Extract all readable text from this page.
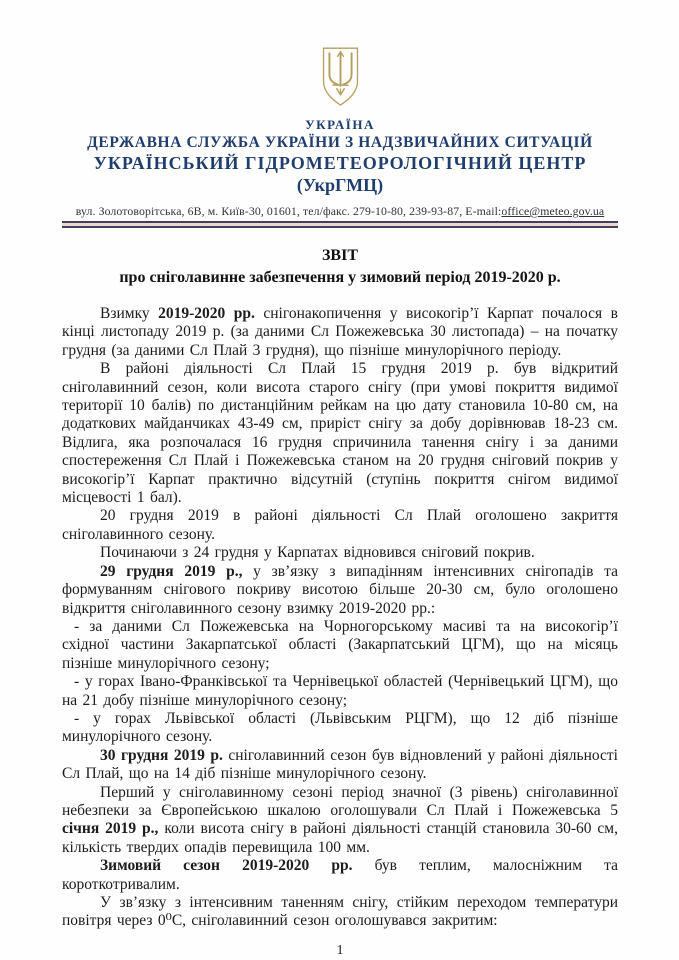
УКРАЇНА
ДЕРЖАВНА СЛУЖБА УКРАЇНИ З НАДЗВИЧАЙНИХ СИТУАЦІЙ
УКРАЇНСЬКИЙ ГІДРОМЕТЕОРОЛОГІЧНИЙ ЦЕНТР
(УкрГМЦ)
вул. Золотоворітська, 6В, м. Київ-30, 01601, тел/факс. 279-10-80, 239-93-87, E-mail:office@meteo.gov.ua
ЗВІТ
про сніголавинне забезпечення у зимовий період 2019-2020 р.

Взимку 2019-2020 рр. снігонакопичення у високогір’ї Карпат почалося в кінці листопаду 2019 р. (за даними Сл Пожежевська 30 листопада) – на початку грудня (за даними Сл Плай 3 грудня), що пізніше минулорічного періоду.

В районі діяльності Сл Плай 15 грудня 2019 р. був відкритий сніголавинний сезон, коли висота старого снігу (при умові покриття видимої території 10 балів) по дистанційним рейкам на цю дату становила 10-80 см, на додаткових майданчиках 43-49 см, приріст снігу за добу дорівнював 18-23 см. Відлига, яка розпочалася 16 грудня спричинила танення снігу і за даними спостереження Сл Плай і Пожежевська станом на 20 грудня сніговий покрив у високогір’ї Карпат практично відсутній (ступінь покриття снігом видимої місцевості 1 бал).

20 грудня 2019 в районі діяльності Сл Плай оголошено закриття сніголавинного сезону.

Починаючи з 24 грудня у Карпатах відновився сніговий покрив.

29 грудня 2019 р., у зв’язку з випадінням інтенсивних снігопадів та формуванням снігового покриву висотою більше 20-30 см, було оголошено відкриття сніголавинного сезону взимку 2019-2020 рр.:

- за даними Сл Пожежевська на Чорногорському масиві та на високогір’ї східної частини Закарпатської області (Закарпатський ЦГМ), що на місяць пізніше минулорічного сезону;

- у горах Івано-Франківської та Чернівецької областей (Чернівецький ЦГМ), що на 21 добу пізніше минулорічного сезону;

- у горах Львівської області (Львівським РЦГМ), що 12 діб пізніше минулорічного сезону.

30 грудня 2019 р. сніголавинний сезон був відновлений у районі діяльності Сл Плай, що на 14 діб пізніше минулорічного сезону.

Перший у сніголавинному сезоні період значної (3 рівень) сніголавинної небезпеки за Європейською шкалою оголошували Сл Плай і Пожежевська 5 січня 2019 р., коли висота снігу в районі діяльності станцій становила 30-60 см, кількість твердих опадів перевищила 100 мм.

Зимовий сезон 2019-2020 рр. був теплим, малосніжним та короткотривалим.

У зв’язку з інтенсивним таненням снігу, стійким переходом температури повітря через 0⁰С, сніголавинний сезон оголошувався закритим:

1
